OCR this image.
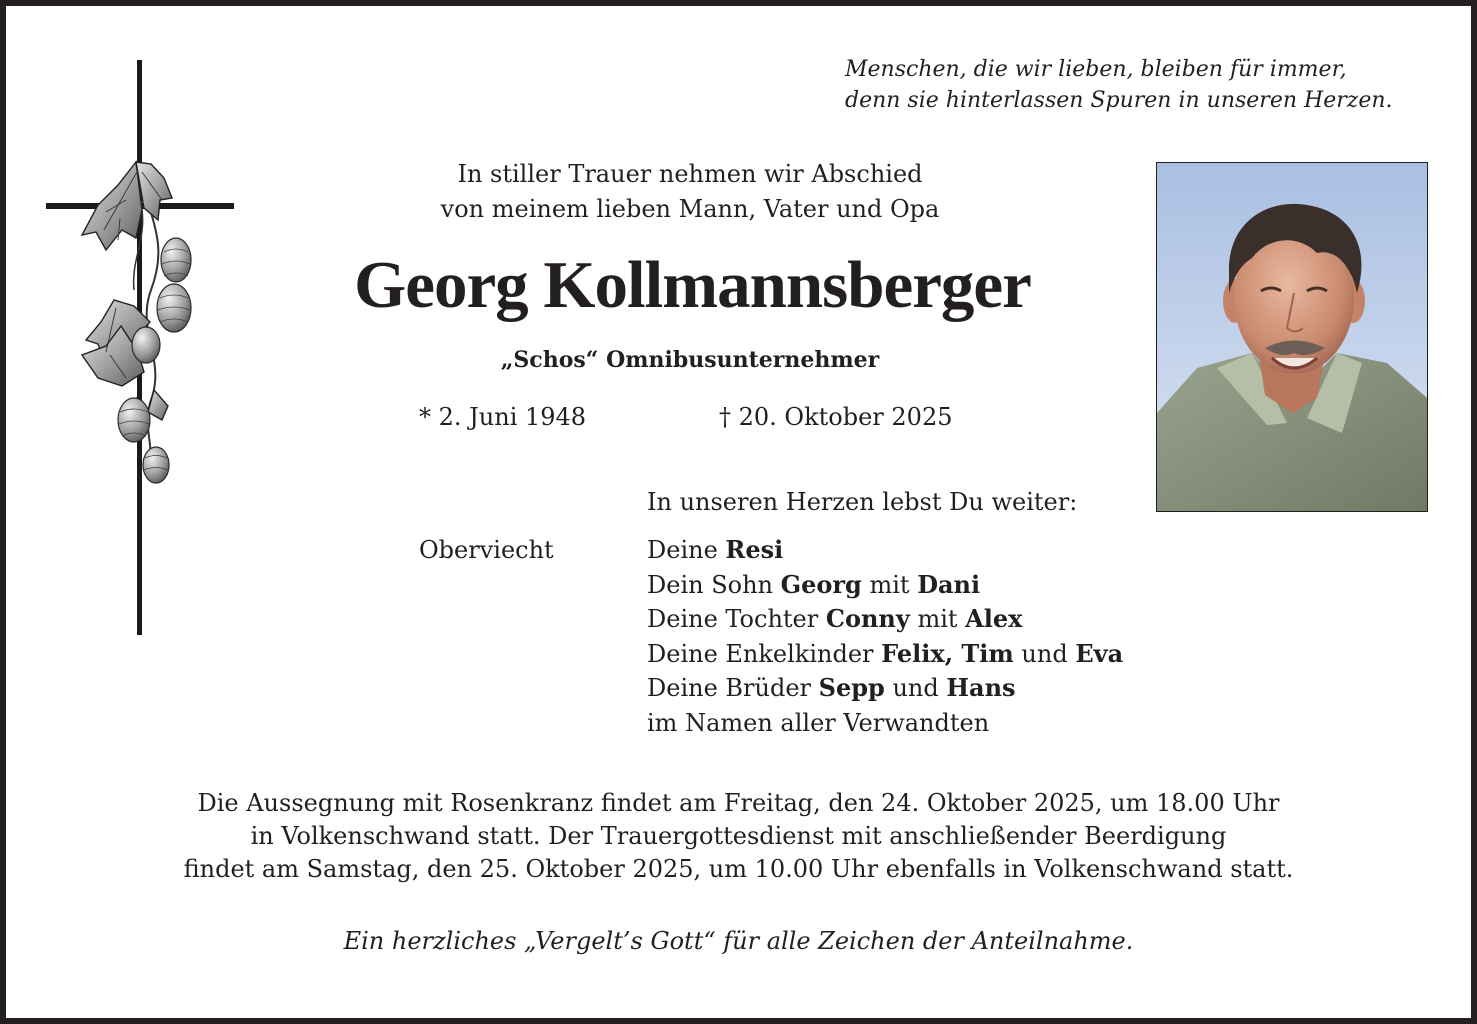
Menschen, die wir lieben, bleiben für immer,
denn sie hinterlassen Spuren in unseren Herzen.
In stiller Trauer nehmen wir Abschied
von meinem lieben Mann, Vater und Opa
Georg Kollmannsberger
„Schos“ Omnibusunternehmer
* 2. Juni 1948	† 20. Oktober 2025
In unseren Herzen lebst Du weiter:
Oberviecht	Deine Resi
Dein Sohn Georg mit Dani
Deine Tochter Conny mit Alex
Deine Enkelkinder Felix, Tim und Eva
Deine Brüder Sepp und Hans
im Namen aller Verwandten
Die Aussegnung mit Rosenkranz findet am Freitag, den 24. Oktober 2025, um 18.00 Uhr
in Volkenschwand statt. Der Trauergottesdienst mit anschließender Beerdigung
findet am Samstag, den 25. Oktober 2025, um 10.00 Uhr ebenfalls in Volkenschwand statt.
Ein herzliches „Vergelt’s Gott“ für alle Zeichen der Anteilnahme.
